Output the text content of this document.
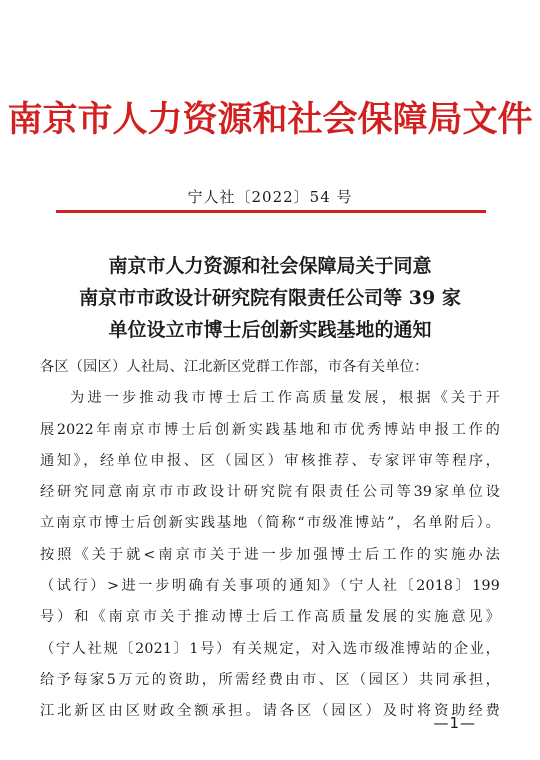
南京市人力资源和社会保障局文件
宁人社〔2022〕54 号
南京市人力资源和社会保障局关于同意
南京市市政设计研究院有限责任公司等 39 家
单位设立市博士后创新实践基地的通知
各区（园区）人社局、江北新区党群工作部，市各有关单位：
为进一步推动我市博士后工作高质量发展，根据《关于开
展2022年南京市博士后创新实践基地和市优秀博站申报工作的
通知》，经单位申报、区（园区）审核推荐、专家评审等程序，
经研究同意南京市市政设计研究院有限责任公司等39家单位设
立南京市博士后创新实践基地（简称“市级准博站”，名单附后）。
按照《关于就<南京市关于进一步加强博士后工作的实施办法
（试行）>进一步明确有关事项的通知》（宁人社〔2018〕199
号）和《南京市关于推动博士后工作高质量发展的实施意见》
（宁人社规〔2021〕1号）有关规定，对入选市级准博站的企业，
给予每家5万元的资助，所需经费由市、区（园区）共同承担，
江北新区由区财政全额承担。请各区（园区）及时将资助经费
—1—
